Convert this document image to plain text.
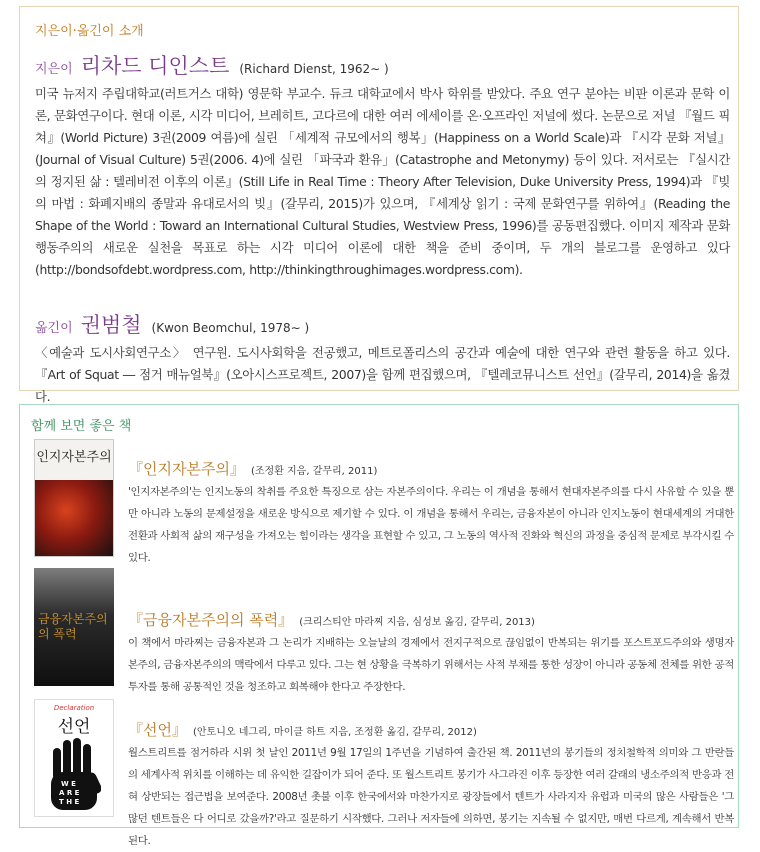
지은이·옮긴이 소개
지은이 리차드 디인스트 (Richard Dienst, 1962∼ )
미국 뉴저지 주립대학교(러트거스 대학) 영문학 부교수. 듀크 대학교에서 박사 학위를 받았다. 주요 연구 분야는 비판 이론과 문학 이론, 문화연구이다. 현대 이론, 시각 미디어, 브레히트, 고다르에 대한 여러 에세이를 온·오프라인 저널에 썼다. 논문으로 저널 『월드 픽쳐』(World Picture) 3권(2009 여름)에 실린 「세계적 규모에서의 행복」(Happiness on a World Scale)과 『시각 문화 저널』(Journal of Visual Culture) 5권(2006. 4)에 실린 「파국과 환유」(Catastrophe and Metonymy) 등이 있다. 저서로는 『실시간의 정지된 삶 : 텔레비전 이후의 이론』(Still Life in Real Time : Theory After Television, Duke University Press, 1994)과 『빚의 마법 : 화폐지배의 종말과 유대로서의 빚』(갈무리, 2015)가 있으며, 『세계상 읽기 : 국제 문화연구를 위하여』(Reading the Shape of the World : Toward an International Cultural Studies, Westview Press, 1996)를 공동편집했다. 이미지 제작과 문화 행동주의의 새로운 실천을 목표로 하는 시각 미디어 이론에 대한 책을 준비 중이며, 두 개의 블로그를 운영하고 있다(http://bondsofdebt.wordpress.com, http://thinkingthroughimages.wordpress.com).
옮긴이 권범철 (Kwon Beomchul, 1978∼ )
〈예술과 도시사회연구소〉 연구원. 도시사회학을 전공했고, 메트로폴리스의 공간과 예술에 대한 연구와 관련 활동을 하고 있다. 『Art of Squat ― 점거 매뉴얼북』(오아시스프로젝트, 2007)을 함께 편집했으며, 『텔레코뮤니스트 선언』(갈무리, 2014)을 옮겼다.
함께 보면 좋은 책
인지자본주의
『인지자본주의』 (조정환 지음, 갈무리, 2011)
'인지자본주의'는 인지노동의 착취를 주요한 특징으로 삼는 자본주의이다. 우리는 이 개념을 통해서 현대자본주의를 다시 사유할 수 있을 뿐만 아니라 노동의 문제설정을 새로운 방식으로 제기할 수 있다. 이 개념을 통해서 우리는, 금융자본이 아니라 인지노동이 현대세계의 거대한 전환과 사회적 삶의 재구성을 가져오는 힘이라는 생각을 표현할 수 있고, 그 노동의 역사적 진화와 혁신의 과정을 중심적 문제로 부각시킬 수 있다.
금융자본주의의 폭력
『금융자본주의의 폭력』 (크리스티안 마라찌 지음, 심성보 옮김, 갈무리, 2013)
이 책에서 마라찌는 금융자본과 그 논리가 지배하는 오늘날의 경제에서 전지구적으로 끊임없이 반복되는 위기를 포스트포드주의와 생명자본주의, 금융자본주의의 맥락에서 다루고 있다. 그는 현 상황을 극복하기 위해서는 사적 부채를 통한 성장이 아니라 공동체 전체를 위한 공적 투자를 통해 공통적인 것을 청조하고 회복해야 한다고 주장한다.
Declaration
선언
W E
A R E
T H E
『선언』 (안토니오 네그리, 마이클 하트 지음, 조정환 옮김, 갈무리, 2012)
월스트리트를 점거하라 시위 첫 날인 2011년 9월 17일의 1주년을 기념하여 출간된 책. 2011년의 봉기들의 정치철학적 의미와 그 반란들의 세계사적 위치를 이해하는 데 유익한 길잡이가 되어 준다. 또 월스트리트 봉기가 사그라진 이후 등장한 여러 갈래의 냉소주의적 반응과 전혀 상반되는 접근법을 보여준다. 2008년 촛불 이후 한국에서와 마찬가지로 광장들에서 텐트가 사라지자 유럽과 미국의 많은 사람들은 '그 많던 텐트들은 다 어디로 갔을까?'라고 질문하기 시작했다. 그러나 저자들에 의하면, 봉기는 지속될 수 없지만, 매번 다르게, 계속해서 반복된다.
